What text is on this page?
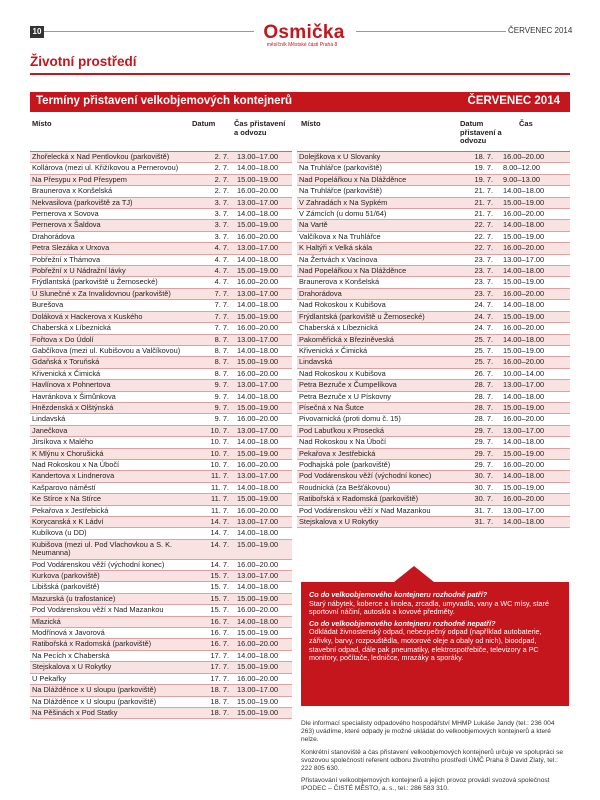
10	Osmička
měsíčník Městské části Praha 8
ČERVENEC 2014
Životní prostředí
Termíny přistavení velkobjemových kontejnerů	ČERVENEC 2014
Místo	Datum Čas přistavení a odvozu
Zhořelecká x Nad Pentlovkou (parkoviště)	2. 7.	13.00–17.00
Kollárova (mezi ul. Křižíkovou a Pernerovou)	2. 7.	14.00–18.00
Na Přesypu x Pod Přesypem	2. 7.	15.00–19.00
Braunerova x Konšelská	2. 7.	16.00–20.00
Nekvasilova (parkoviště za TJ)	3. 7.	13.00–17.00
Pernerova x Sovova	3. 7.	14.00–18.00
Pernerova x Šaldova	3. 7.	15.00–19.00
Drahorádova	3. 7.	16.00–20.00
Petra Slezáka x Urxova	4. 7.	13.00–17.00
Pobřežní x Thámova	4. 7.	14.00–18.00
Pobřežní x U Nádražní lávky	4. 7.	15.00–19.00
Frýdlantská (parkoviště u Žernosecké)	4. 7.	16.00–20.00
U Slunečné x Za Invalidovnou (parkoviště)	7. 7.	13.00–17.00
Burešova	7. 7.	14.00–18.00
Doláková x Hackerova x Kuského	7. 7.	15.00–19.00
Chaberská x Líbeznická	7. 7.	16.00–20.00
Fořtova x Do Údolí	8. 7.	13.00–17.00
Gabčíkova (mezi ul. Kubišovou a Valčíkovou)	8. 7.	14.00–18.00
Gdaňská x Toruňská	8. 7.	15.00–19.00
Křivenická x Čimická	8. 7.	16.00–20.00
Havlínova x Pohnertova	9. 7.	13.00–17.00
Havránkova x Šimůnkova	9. 7.	14.00–18.00
Hnězdenská x Olštýnská	9. 7.	15.00–19.00
Lindavská	9. 7.	16.00–20.00
Janečkova	10. 7.	13.00–17.00
Jirsíkova x Malého	10. 7.	14.00–18.00
K Mlýnu x Chorušická	10. 7.	15.00–19.00
Nad Rokoskou x Na Úbočí	10. 7.	16.00–20.00
Kandertova x Lindnerova	11. 7.	13.00–17.00
Kašparovo náměstí	11. 7.	14.00–18.00
Ke Stírce x Na Stírce	11. 7.	15.00–19.00
Pekařova x Jestřebická	11. 7.	16.00–20.00
Korycanská x K Ládví	14. 7.	13.00–17.00
Kubíkova (u DD)	14. 7.	14.00–18.00
Kubišova (mezi ul. Pod Vlachovkou a S. K. Neumanna)
14. 7.	15.00–19.00
Pod Vodárenskou věží (východní konec)	14. 7.	16.00–20.00
Kurkova (parkoviště)	15. 7.	13.00–17.00
Libišská (parkoviště)	15. 7.	14.00–18.00
Mazurská (u trafostanice)	15. 7.	15.00–19.00
Pod Vodárenskou věží x Nad Mazankou	15. 7.	16.00–20.00
Mlazická	16. 7.	14.00–18.00
Modřínová x Javorová	16. 7.	15.00–19.00
Ratibořská x Radomská (parkoviště)	16. 7.	16.00–20.00
Na Pecích x Chaberská	17. 7.	14.00–18.00
Stejskalova x U Rokytky	17. 7.	15.00–19.00
U Pekařky	17. 7.	16.00–20.00
Na Dlážděnce x U sloupu (parkoviště)	18. 7.	13.00–17.00
Na Dlážděnce x U sloupu (parkoviště)	18. 7.	15.00–19.00
Na Pěšinách x Pod Statky	18. 7.	15.00–19.00
Místo	Datum přistavení a odvozu
Čas
Dolejškova x U Slovanky	18. 7.	16.00–20.00
Na Truhlářce (parkoviště)	19. 7.	8.00–12.00
Nad Popelářkou x Na Dlážděnce	19. 7.	9.00–13.00
Na Truhlářce (parkoviště)	21. 7.	14.00–18.00
V Zahradách x Na Sypkém	21. 7.	15.00–19.00
V Zámcích (u domu 51/64)	21. 7.	16.00–20.00
Na Vartě	22. 7.	14.00–18.00
Valčíkova x Na Truhlářce	22. 7.	15.00–19.00
K Haltýři x Velká skála	22. 7.	16.00–20.00
Na Žertvách x Vacínova	23. 7.	13.00–17.00
Nad Popelářkou x Na Dlážděnce	23. 7.	14.00–18.00
Braunerova x Konšelská	23. 7.	15.00–19.00
Drahorádova	23. 7.	16.00–20.00
Nad Rokoskou x Kubišova	24. 7.	14.00–18.00
Frýdlantská (parkoviště u Žernosecké)	24. 7.	15.00–19.00
Chaberská x Líbeznická	24. 7.	16.00–20.00
Pakoměřická x Březiněveská	25. 7.	14.00–18.00
Křivenická x Čimická	25. 7.	15.00–19.00
Lindavská	25. 7.	16.00–20.00
Nad Rokoskou x Kubišova	26. 7.	10.00–14.00
Petra Bezruče x Čumpelíkova	28. 7.	13.00–17.00
Petra Bezruče x U Pískovny	28. 7.	14.00–18.00
Písečná x Na Šutce	28. 7.	15.00–19.00
Pivovarnická (proti domu č. 15)	28. 7.	16.00–20.00
Pod Labuťkou x Prosecká	29. 7.	13.00–17.00
Nad Rokoskou x Na Úbočí	29. 7.	14.00–18.00
Pekařova x Jestřebická	29. 7.	15.00–19.00
Podhajská pole (parkoviště)	29. 7.	16.00–20.00
Pod Vodárenskou věží (východní konec)	30. 7.	14.00–18.00
Roudnická (za Bešťákovou)	30. 7.	15.00–19.00
Ratibořská x Radomská (parkoviště)	30. 7.	16.00–20.00
Pod Vodárenskou věží x Nad Mazankou	31. 7.	13.00–17.00
Stejskalova x U Rokytky	31. 7.	14.00–18.00
Co do velkoobjemového kontejneru rozhodně patří?
Starý nábytek, koberce a linolea, zrcadla, umyvadla, vany a WC mísy, staré sportovní náčiní, autoskla a kovové předměty.
Co do velkoobjemového kontejneru rozhodně nepatří?
Odkládat živnostenský odpad, nebezpečný odpad (například autobaterie, zářivky, barvy, rozpouštědla, motorové oleje a obaly od nich), bioodpad, stavební odpad, dále pak pneumatiky, elektrospotřebiče, televizory a PC monitory, počítače, ledničce, mrazáky a sporáky.

Dle informací specialisty odpadového hospodářství MHMP Lukáše Jandy (tel.: 236 004 263) uvádíme, které odpady je možné ukládat do velkoobjemových kontejnerů a které nelze.

Konkrétní stanoviště a čas přistavení velkoobjemových kontejnerů určuje ve spolupráci se svozovou společností referent odboru životního prostředí ÚMČ Praha 8 David Zlatý, tel.: 222 805 630.

Přistavování velkoobjemových kontejnerů a jejich provoz provádí svozová společnost IPODEC – ČISTÉ MĚSTO, a. s., tel.: 286 583 310.
